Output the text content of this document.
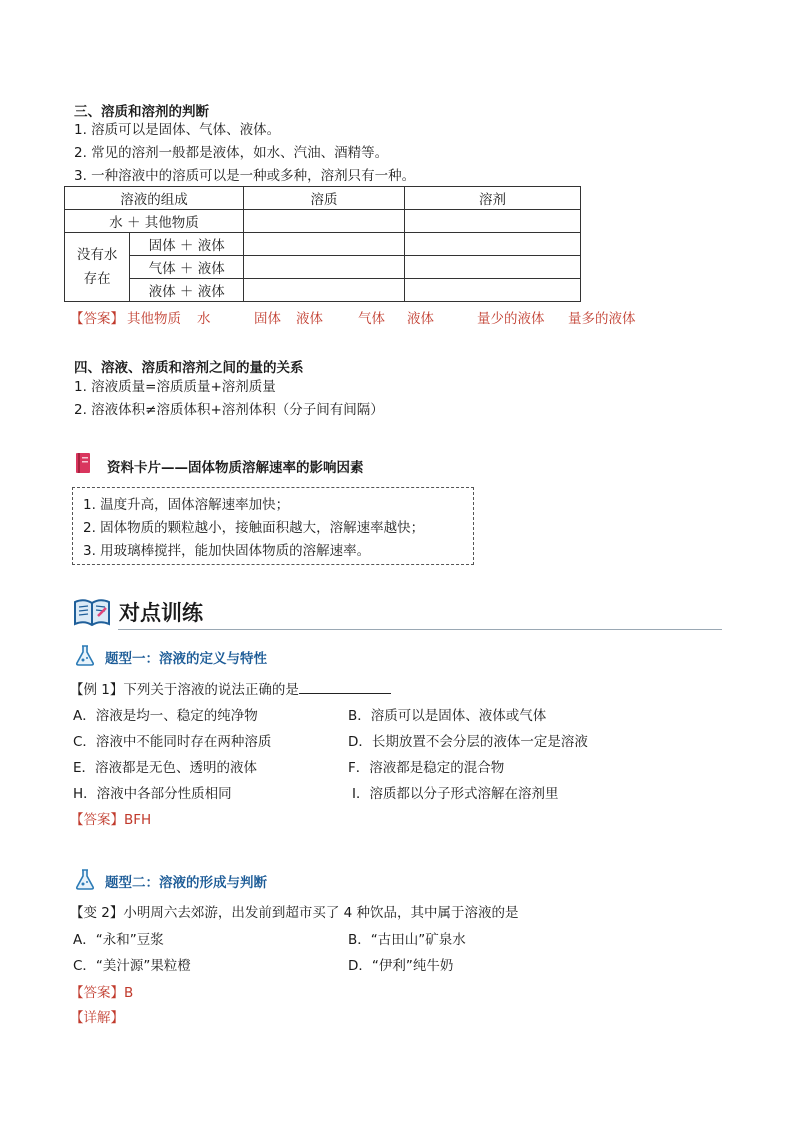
三、溶质和溶剂的判断
1. 溶质可以是固体、气体、液体。
2. 常见的溶剂一般都是液体，如水、汽油、酒精等。
3. 一种溶液中的溶质可以是一种或多种，溶剂只有一种。
溶液的组成		溶质	溶剂
水 ＋ 其他物质			
没有水
存在	固体 ＋ 液体		
	气体 ＋ 液体		
	液体 ＋ 液体		
【答案】 其他物质 水	固体 液体	气体 液体	量少的液体 量多的液体
四、溶液、溶质和溶剂之间的量的关系
1. 溶液质量=溶质质量+溶剂质量
2. 溶液体积≠溶质体积+溶剂体积（分子间有间隔）
资料卡片——固体物质溶解速率的影响因素
1. 温度升高，固体溶解速率加快；
2. 固体物质的颗粒越小，接触面积越大，溶解速率越快；
3. 用玻璃棒搅拌，能加快固体物质的溶解速率。
对点训练
题型一：溶液的定义与特性
【例 1】下列关于溶液的说法正确的是
A．溶液是均一、稳定的纯净物	B．溶质可以是固体、液体或气体
C．溶液中不能同时存在两种溶质	D．长期放置不会分层的液体一定是溶液
E．溶液都是无色、透明的液体	F．溶液都是稳定的混合物
H．溶液中各部分性质相同	I．溶质都以分子形式溶解在溶剂里
【答案】BFH
题型二：溶液的形成与判断
【变 2】小明周六去郊游，出发前到超市买了 4 种饮品，其中属于溶液的是
A．“永和”豆浆	B．“古田山”矿泉水
C．“美汁源”果粒橙	D．“伊利”纯牛奶
【答案】B
【详解】
